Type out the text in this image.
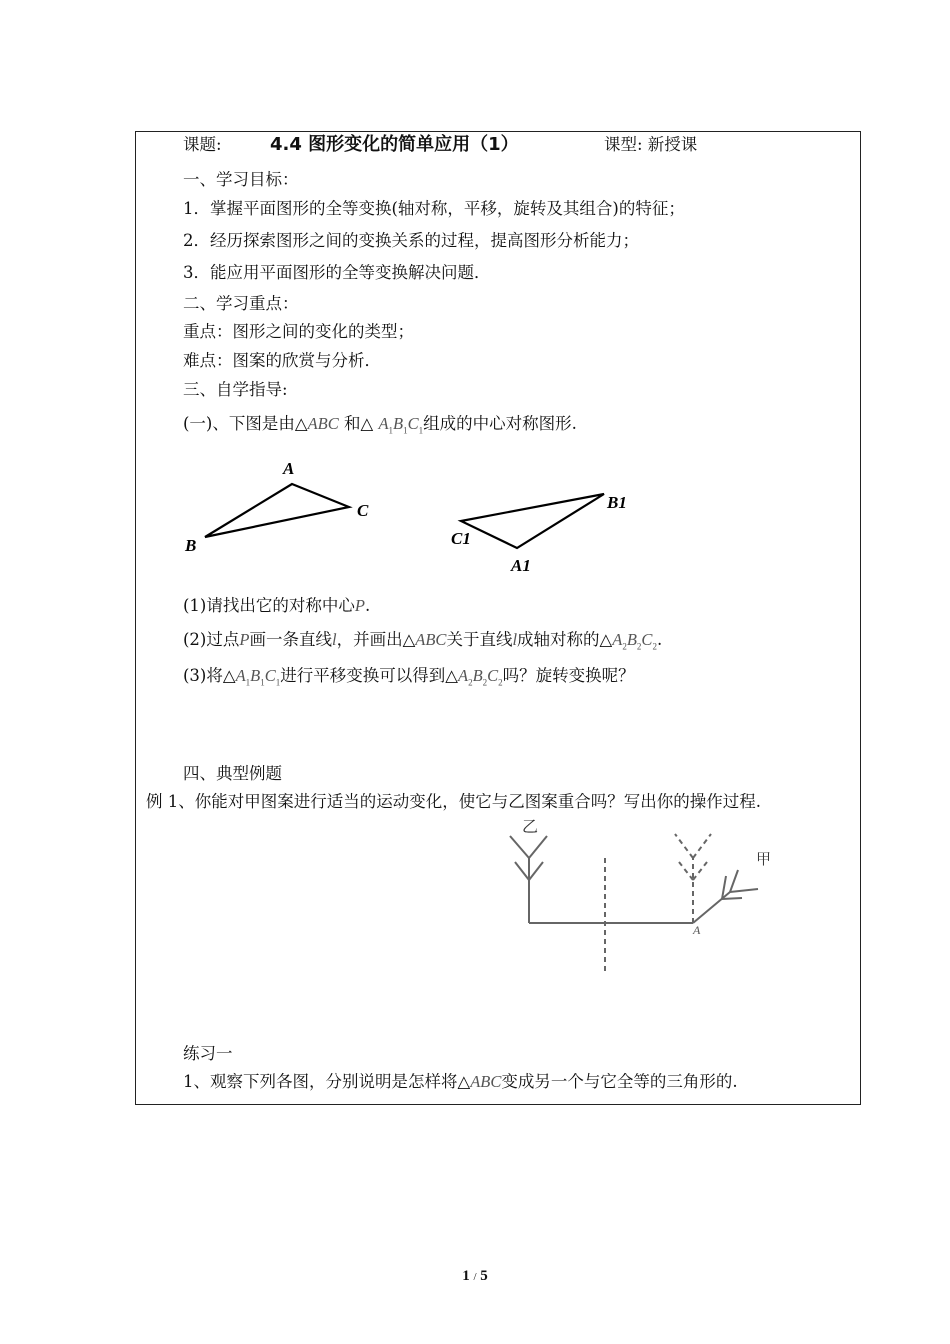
课题:	4.4 图形变化的简单应用（1）	课型: 新授课
一、学习目标：
1．掌握平面图形的全等变换(轴对称，平移，旋转及其组合)的特征；
2．经历探索图形之间的变换关系的过程，提高图形分析能力；
3．能应用平面图形的全等变换解决问题．
二、学习重点：
重点：图形之间的变化的类型；
难点：图案的欣赏与分析．
三、自学指导:
(一)、下图是由△ABC 和△ $A_1B_1C_1$组成的中心对称图形.
A
C
B
B1
C1
A1
(1)请找出它的对称中心P.
(2)过点P画一条直线l，并画出△ABC关于直线l成轴对称的$\triangle A_2B_2C_2$.
(3)将$\triangle A_1B_1C_1$进行平移变换可以得到$\triangle A_2B_2C_2$吗？旋转变换呢？
四、典型例题
例 1、你能对甲图案进行适当的运动变化，使它与乙图案重合吗？写出你的操作过程.
乙
甲
A
练习一
1、观察下列各图，分别说明是怎样将△ABC变成另一个与它全等的三角形的.
1 / 5
